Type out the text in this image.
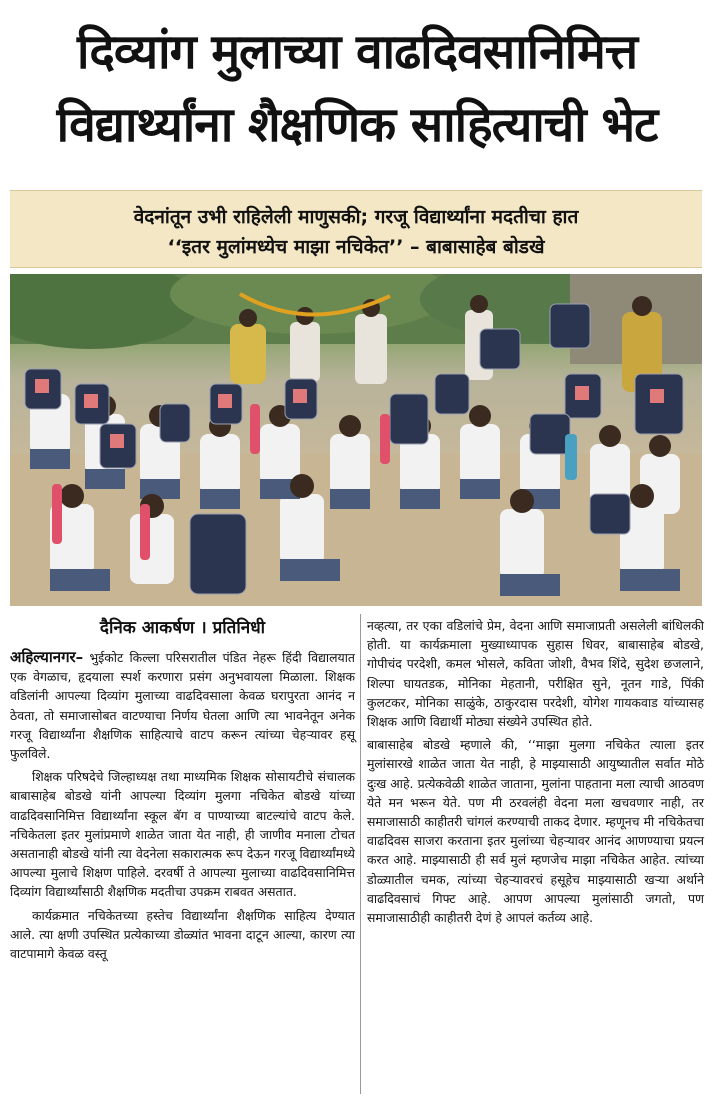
दिव्यांग मुलाच्या वाढदिवसानिमित्त
विद्यार्थ्यांना शैक्षणिक साहित्याची भेट
वेदनांतून उभी राहिलेली माणुसकी; गरजू विद्यार्थ्यांना मदतीचा हात
‘‘इतर मुलांमध्येच माझा नचिकेत’’ – बाबासाहेब बोडखे
दैनिक आकर्षण । प्रतिनिधी

अहिल्यानगर– भुईकोट किल्ला परिसरातील पंडित नेहरू हिंदी विद्यालयात एक वेगळाच, हृदयाला स्पर्श करणारा प्रसंग अनुभवायला मिळाला. शिक्षक वडिलांनी आपल्या दिव्यांग मुलाच्या वाढदिवसाला केवळ घरापुरता आनंद न ठेवता, तो समाजासोबत वाटण्याचा निर्णय घेतला आणि त्या भावनेतून अनेक गरजू विद्यार्थ्यांना शैक्षणिक साहित्याचे वाटप करून त्यांच्या चेहऱ्यावर हसू फुलविले.

शिक्षक परिषदेचे जिल्हाध्यक्ष तथा माध्यमिक शिक्षक सोसायटीचे संचालक बाबासाहेब बोडखे यांनी आपल्या दिव्यांग मुलगा नचिकेत बोडखे यांच्या वाढदिवसानिमित्त विद्यार्थ्यांना स्कूल बॅग व पाण्याच्या बाटल्यांचे वाटप केले. नचिकेतला इतर मुलांप्रमाणे शाळेत जाता येत नाही, ही जाणीव मनाला टोचत असतानाही बोडखे यांनी त्या वेदनेला सकारात्मक रूप देऊन गरजू विद्यार्थ्यांमध्ये आपल्या मुलाचे शिक्षण पाहिले. दरवर्षी ते आपल्या मुलाच्या वाढदिवसानिमित्त दिव्यांग विद्यार्थ्यांसाठी शैक्षणिक मदतीचा उपक्रम राबवत असतात.

कार्यक्रमात नचिकेतच्या हस्तेच विद्यार्थ्यांना शैक्षणिक साहित्य देण्यात आले. त्या क्षणी उपस्थित प्रत्येकाच्या डोळ्यांत भावना दाटून आल्या, कारण त्या वाटपामागे केवळ वस्तू

नव्हत्या, तर एका वडिलांचे प्रेम, वेदना आणि समाजाप्रती असलेली बांधिलकी होती. या कार्यक्रमाला मुख्याध्यापक सुहास धिवर, बाबासाहेब बोडखे, गोपीचंद परदेशी, कमल भोसले, कविता जोशी, वैभव शिंदे, सुदेश छजलाने, शिल्पा घायतडक, मोनिका मेहतानी, परीक्षित सुने, नूतन गाडे, पिंकी कुलटकर, मोनिका साळुंके, ठाकुरदास परदेशी, योगेश गायकवाड यांच्यासह शिक्षक आणि विद्यार्थी मोठ्या संख्येने उपस्थित होते.

बाबासाहेब बोडखे म्हणाले की, ‘‘माझा मुलगा नचिकेत त्याला इतर मुलांसारखे शाळेत जाता येत नाही, हे माझ्यासाठी आयुष्यातील सर्वात मोठे दुःख आहे. प्रत्येकवेळी शाळेत जाताना, मुलांना पाहताना मला त्याची आठवण येते मन भरून येते. पण मी ठरवलंही वेदना मला खचवणार नाही, तर समाजासाठी काहीतरी चांगलं करण्याची ताकद देणार. म्हणूनच मी नचिकेतचा वाढदिवस साजरा करताना इतर मुलांच्या चेहऱ्यावर आनंद आणण्याचा प्रयत्न करत आहे. माझ्यासाठी ही सर्व मुलं म्हणजेच माझा नचिकेत आहेत. त्यांच्या डोळ्यातील चमक, त्यांच्या चेहऱ्यावरचं हसूहेच माझ्यासाठी खऱ्या अर्थाने वाढदिवसाचं गिफ्ट आहे. आपण आपल्या मुलांसाठी जगतो, पण समाजासाठीही काहीतरी देणं हे आपलं कर्तव्य आहे.
